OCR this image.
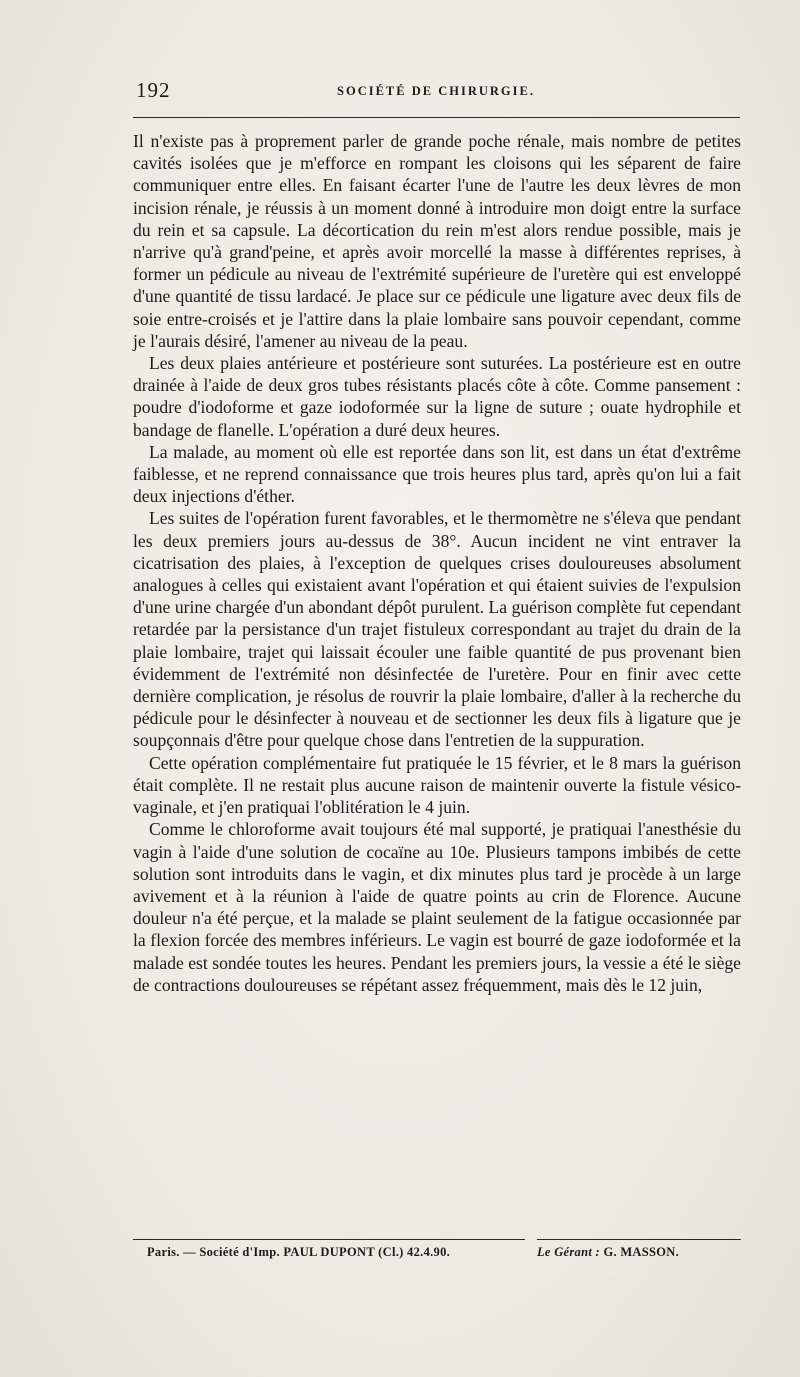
192	SOCIÉTÉ DE CHIRURGIE.

Il n'existe pas à proprement parler de grande poche rénale, mais nombre de petites cavités isolées que je m'efforce en rompant les cloisons qui les séparent de faire communiquer entre elles. En faisant écarter l'une de l'autre les deux lèvres de mon incision rénale, je réussis à un moment donné à introduire mon doigt entre la surface du rein et sa capsule. La décortication du rein m'est alors rendue possible, mais je n'arrive qu'à grand'peine, et après avoir morcellé la masse à différentes reprises, à former un pédicule au niveau de l'extrémité supérieure de l'uretère qui est enveloppé d'une quantité de tissu lardacé. Je place sur ce pédicule une ligature avec deux fils de soie entre-croisés et je l'attire dans la plaie lombaire sans pouvoir cependant, comme je l'aurais désiré, l'amener au niveau de la peau.

Les deux plaies antérieure et postérieure sont suturées. La postérieure est en outre drainée à l'aide de deux gros tubes résistants placés côte à côte. Comme pansement : poudre d'iodoforme et gaze iodoformée sur la ligne de suture ; ouate hydrophile et bandage de flanelle. L'opération a duré deux heures.

La malade, au moment où elle est reportée dans son lit, est dans un état d'extrême faiblesse, et ne reprend connaissance que trois heures plus tard, après qu'on lui a fait deux injections d'éther.

Les suites de l'opération furent favorables, et le thermomètre ne s'éleva que pendant les deux premiers jours au-dessus de 38°. Aucun incident ne vint entraver la cicatrisation des plaies, à l'exception de quelques crises douloureuses absolument analogues à celles qui existaient avant l'opération et qui étaient suivies de l'expulsion d'une urine chargée d'un abondant dépôt purulent. La guérison complète fut cependant retardée par la persistance d'un trajet fistuleux correspondant au trajet du drain de la plaie lombaire, trajet qui laissait écouler une faible quantité de pus provenant bien évidemment de l'extrémité non désinfectée de l'uretère. Pour en finir avec cette dernière complication, je résolus de rouvrir la plaie lombaire, d'aller à la recherche du pédicule pour le désinfecter à nouveau et de sectionner les deux fils à ligature que je soupçonnais d'être pour quelque chose dans l'entretien de la suppuration.

Cette opération complémentaire fut pratiquée le 15 février, et le 8 mars la guérison était complète. Il ne restait plus aucune raison de maintenir ouverte la fistule vésico-vaginale, et j'en pratiquai l'oblitération le 4 juin.

Comme le chloroforme avait toujours été mal supporté, je pratiquai l'anesthésie du vagin à l'aide d'une solution de cocaïne au 10e. Plusieurs tampons imbibés de cette solution sont introduits dans le vagin, et dix minutes plus tard je procède à un large avivement et à la réunion à l'aide de quatre points au crin de Florence. Aucune douleur n'a été perçue, et la malade se plaint seulement de la fatigue occasionnée par la flexion forcée des membres inférieurs. Le vagin est bourré de gaze iodoformée et la malade est sondée toutes les heures. Pendant les premiers jours, la vessie a été le siège de contractions douloureuses se répétant assez fréquemment, mais dès le 12 juin,

Paris. — Société d'Imp. PAUL DUPONT (Cl.) 42.4.90.	Le Gérant : G. MASSON.
